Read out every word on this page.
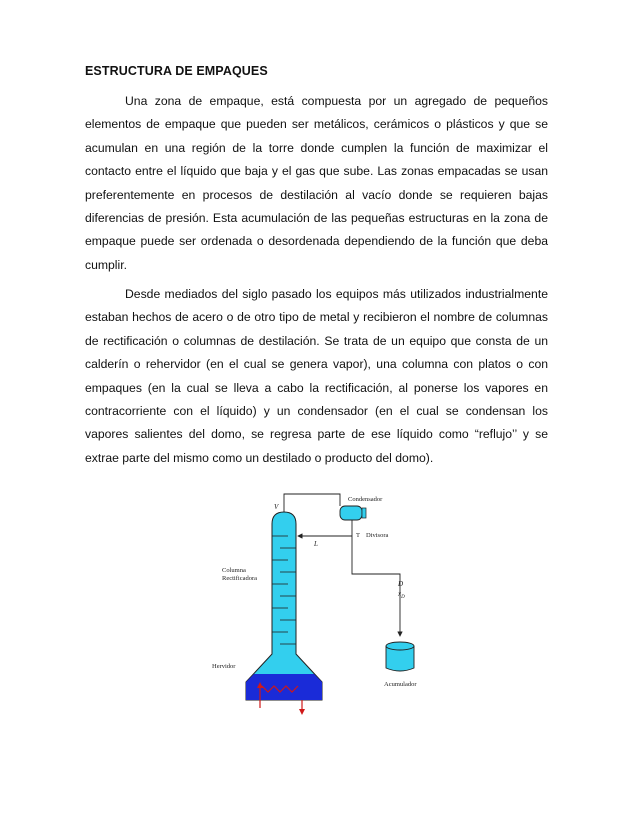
ESTRUCTURA DE EMPAQUES

Una zona de empaque, está compuesta por un agregado de pequeños elementos de empaque que pueden ser metálicos, cerámicos o plásticos y que se acumulan en una región de la torre donde cumplen la función de maximizar el contacto entre el líquido que baja y el gas que sube. Las zonas empacadas se usan preferentemente en procesos de destilación al vacío donde se requieren bajas diferencias de presión. Esta acumulación de las pequeñas estructuras en la zona de empaque puede ser ordenada o desordenada dependiendo de la función que deba cumplir.

Desde mediados del siglo pasado los equipos más utilizados industrialmente estaban hechos de acero o de otro tipo de metal y recibieron el nombre de columnas de rectificación o columnas de destilación. Se trata de un equipo que consta de un calderín o rehervidor (en el cual se genera vapor), una columna con platos o con empaques (en la cual se lleva a cabo la rectificación, al ponerse los vapores en contracorriente con el líquido) y un condensador (en el cual se condensan los vapores salientes del domo, se regresa parte de ese líquido como “reflujo’’ y se extrae parte del mismo como un destilado o producto del domo).

Condensador
V
T Divisora
L
Columna
Rectificadora
D
$x_D$
Hervidor
Acumulador
